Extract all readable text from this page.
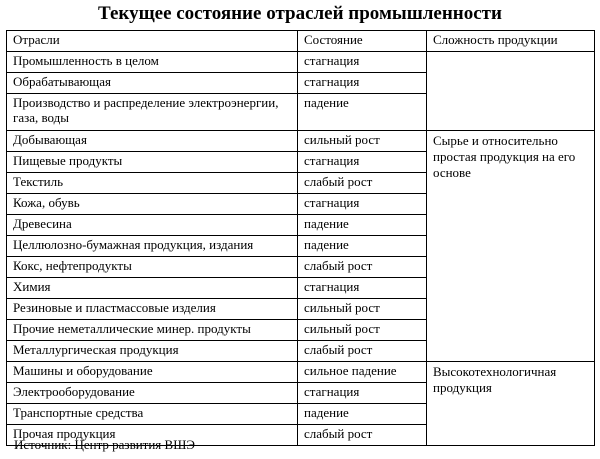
Текущее состояние отраслей промышленности
Отрасли	Состояние	Сложность продукции
Промышленность в целом	стагнация	
Обрабатывающая	стагнация	
Производство и распределение электроэнергии, газа, воды	падение	
Добывающая	сильный рост	Сырье и относительно простая продукция на его основе
Пищевые продукты	стагнация	
Текстиль	слабый рост	
Кожа, обувь	стагнация	
Древесина	падение	
Целлюлозно-бумажная продукция, издания	падение	
Кокс, нефтепродукты	слабый рост	
Химия	стагнация	
Резиновые и пластмассовые изделия	сильный рост	
Прочие неметаллические минер. продукты	сильный рост	
Металлургическая продукция	слабый рост	
Машины и оборудование	сильное падение	Высокотехнологичная продукция
Электрооборудование	стагнация	
Транспортные средства	падение	
Прочая продукция	слабый рост	
Источник: Центр развития ВШЭ
